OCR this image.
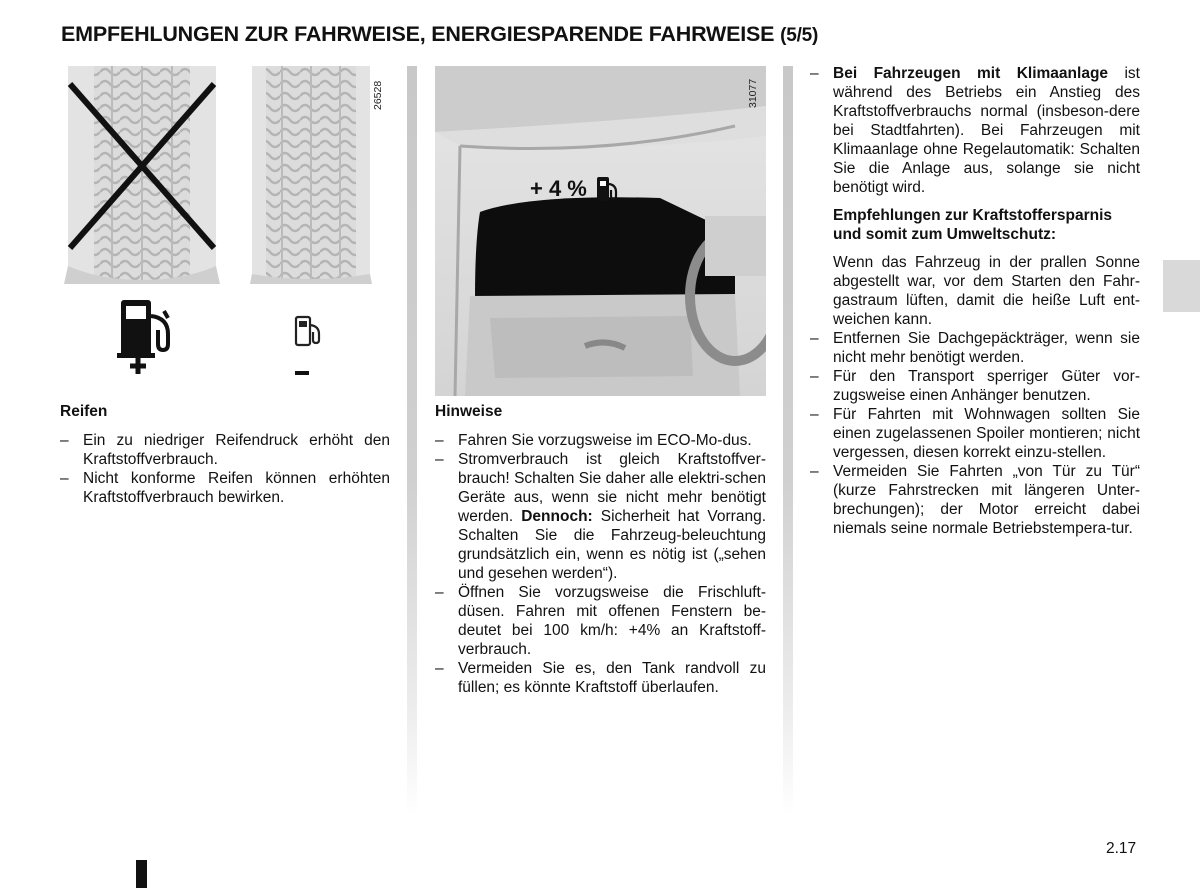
EMPFEHLUNGEN ZUR FAHRWEISE, ENERGIESPARENDE FAHRWEISE (5/5)
26528
+ 4 %
31077
Reifen
– Ein zu niedriger Reifendruck erhöht den Kraftstoffverbrauch.
– Nicht konforme Reifen können erhöhten Kraftstoffverbrauch bewirken.
Hinweise
– Fahren Sie vorzugsweise im ECO-Mo-dus.
– Stromverbrauch ist gleich Kraftstoffver-brauch! Schalten Sie daher alle elektri-schen Geräte aus, wenn sie nicht mehr benötigt werden. Dennoch: Sicherheit hat Vorrang. Schalten Sie die Fahrzeug-beleuchtung grundsätzlich ein, wenn es nötig ist („sehen und gesehen werden“).
– Öffnen Sie vorzugsweise die Frischluft-düsen. Fahren mit offenen Fenstern be-deutet bei 100 km/h: +4% an Kraftstoff-verbrauch.
– Vermeiden Sie es, den Tank randvoll zu füllen; es könnte Kraftstoff überlaufen.
– Bei Fahrzeugen mit Klimaanlage ist während des Betriebs ein Anstieg des Kraftstoffverbrauchs normal (insbeson-dere bei Stadtfahrten). Bei Fahrzeugen mit Klimaanlage ohne Regelautomatik: Schalten Sie die Anlage aus, solange sie nicht benötigt wird.
Empfehlungen zur Kraftstoffersparnis und somit zum Umweltschutz:
Wenn das Fahrzeug in der prallen Sonne abgestellt war, vor dem Starten den Fahr-gastraum lüften, damit die heiße Luft ent-weichen kann.
– Entfernen Sie Dachgepäckträger, wenn sie nicht mehr benötigt werden.
– Für den Transport sperriger Güter vor-zugsweise einen Anhänger benutzen.
– Für Fahrten mit Wohnwagen sollten Sie einen zugelassenen Spoiler montieren; nicht vergessen, diesen korrekt einzu-stellen.
– Vermeiden Sie Fahrten „von Tür zu Tür“ (kurze Fahrstrecken mit längeren Unter-brechungen); der Motor erreicht dabei niemals seine normale Betriebstempera-tur.
2.17
